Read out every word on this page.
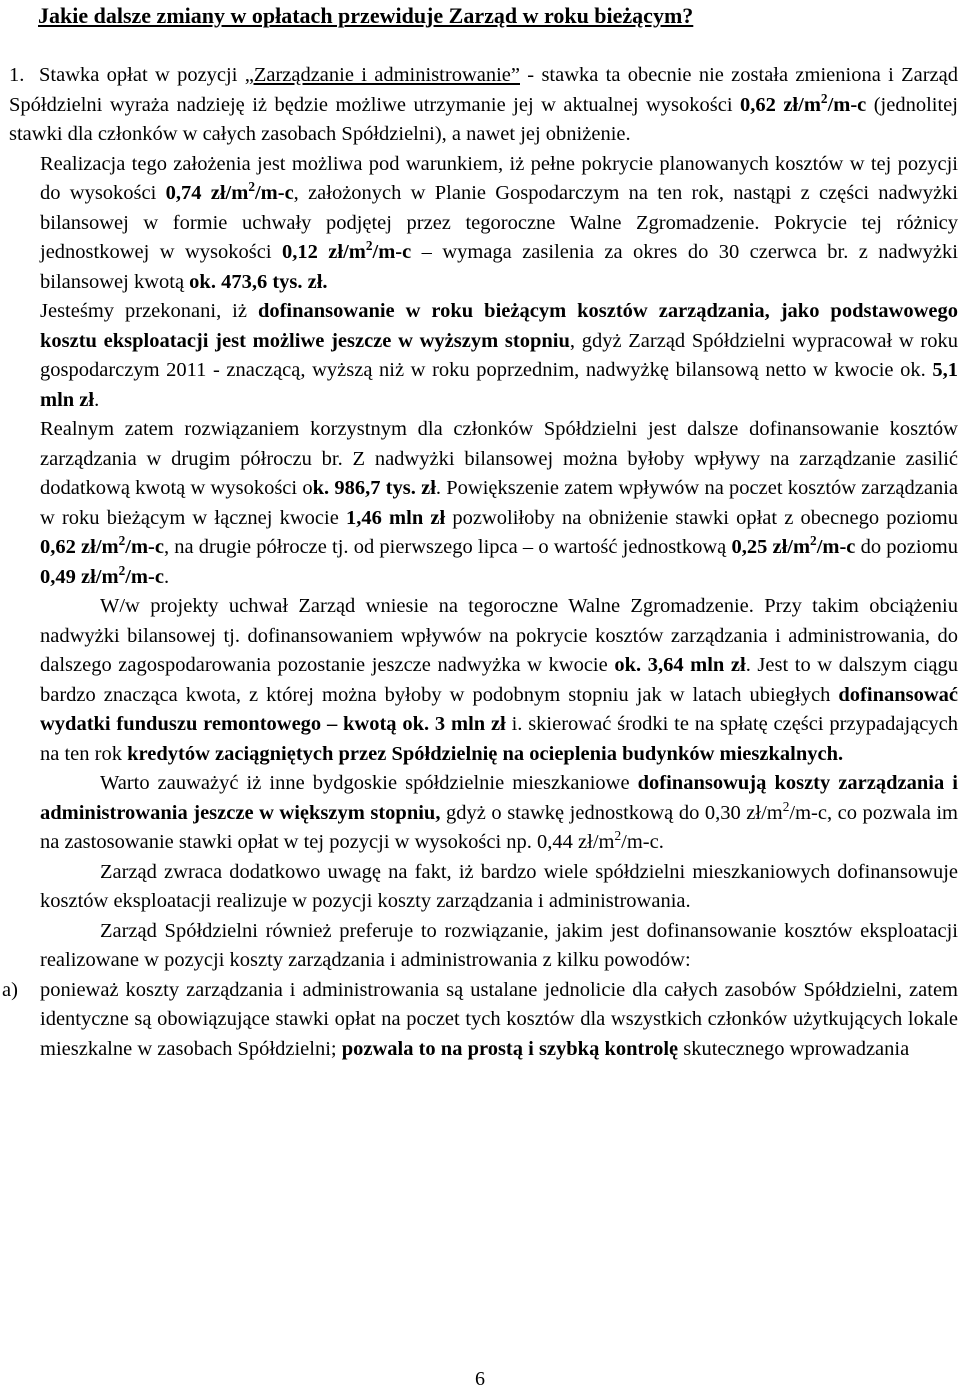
Jakie dalsze zmiany w opłatach przewiduje Zarząd w roku bieżącym?

1. Stawka opłat w pozycji „Zarządzanie i administrowanie” - stawka ta obecnie nie została zmieniona i Zarząd Spółdzielni wyraża nadzieję iż będzie możliwe utrzymanie jej w aktualnej wysokości 0,62 $zł/m^2/m-c$ (jednolitej stawki dla członków w całych zasobach Spółdzielni), a nawet jej obniżenie.

Realizacja tego założenia jest możliwa pod warunkiem, iż pełne pokrycie planowanych kosztów w tej pozycji do wysokości 0,74 $zł/m^2/m-c$, założonych w Planie Gospodarczym na ten rok, nastąpi z części nadwyżki bilansowej w formie uchwały podjętej przez tegoroczne Walne Zgromadzenie. Pokrycie tej różnicy jednostkowej w wysokości 0,12 $zł/m^2/m-c$ – wymaga zasilenia za okres do 30 czerwca br. z nadwyżki bilansowej kwotą ok. 473,6 tys. zł.

Jesteśmy przekonani, iż dofinansowanie w roku bieżącym kosztów zarządzania, jako podstawowego kosztu eksploatacji jest możliwe jeszcze w wyższym stopniu, gdyż Zarząd Spółdzielni wypracował w roku gospodarczym 2011 - znaczącą, wyższą niż w roku poprzednim, nadwyżkę bilansową netto w kwocie ok. 5,1 mln zł.

Realnym zatem rozwiązaniem korzystnym dla członków Spółdzielni jest dalsze dofinansowanie kosztów zarządzania w drugim półroczu br. Z nadwyżki bilansowej można byłoby wpływy na zarządzanie zasilić dodatkową kwotą w wysokości ok. 986,7 tys. zł. Powiększenie zatem wpływów na poczet kosztów zarządzania w roku bieżącym w łącznej kwocie 1,46 mln zł pozwoliłoby na obniżenie stawki opłat z obecnego poziomu 0,62 $zł/m^2/m-c$, na drugie półrocze tj. od pierwszego lipca – o wartość jednostkową 0,25 $zł/m^2/m-c$ do poziomu 0,49 $zł/m^2/m-c$.

W/w projekty uchwał Zarząd wniesie na tegoroczne Walne Zgromadzenie. Przy takim obciążeniu nadwyżki bilansowej tj. dofinansowaniem wpływów na pokrycie kosztów zarządzania i administrowania, do dalszego zagospodarowania pozostanie jeszcze nadwyżka w kwocie ok. 3,64 mln zł. Jest to w dalszym ciągu bardzo znacząca kwota, z której można byłoby w podobnym stopniu jak w latach ubiegłych dofinansować wydatki funduszu remontowego – kwotą ok. 3 mln zł i. skierować środki te na spłatę części przypadających na ten rok kredytów zaciągniętych przez Spółdzielnię na ocieplenia budynków mieszkalnych.

Warto zauważyć iż inne bydgoskie spółdzielnie mieszkaniowe dofinansowują koszty zarządzania i administrowania jeszcze w większym stopniu, gdyż o stawkę jednostkową do 0,30 $zł/m^2/m-c$, co pozwala im na zastosowanie stawki opłat w tej pozycji w wysokości np. 0,44 $zł/m^2/m-c$.

Zarząd zwraca dodatkowo uwagę na fakt, iż bardzo wiele spółdzielni mieszkaniowych dofinansowuje kosztów eksploatacji realizuje w pozycji koszty zarządzania i administrowania.

Zarząd Spółdzielni również preferuje to rozwiązanie, jakim jest dofinansowanie kosztów eksploatacji realizowane w pozycji koszty zarządzania i administrowania z kilku powodów:

a) ponieważ koszty zarządzania i administrowania są ustalane jednolicie dla całych zasobów Spółdzielni, zatem identyczne są obowiązujące stawki opłat na poczet tych kosztów dla wszystkich członków użytkujących lokale mieszkalne w zasobach Spółdzielni; pozwala to na prostą i szybką kontrolę skutecznego wprowadzania

6
